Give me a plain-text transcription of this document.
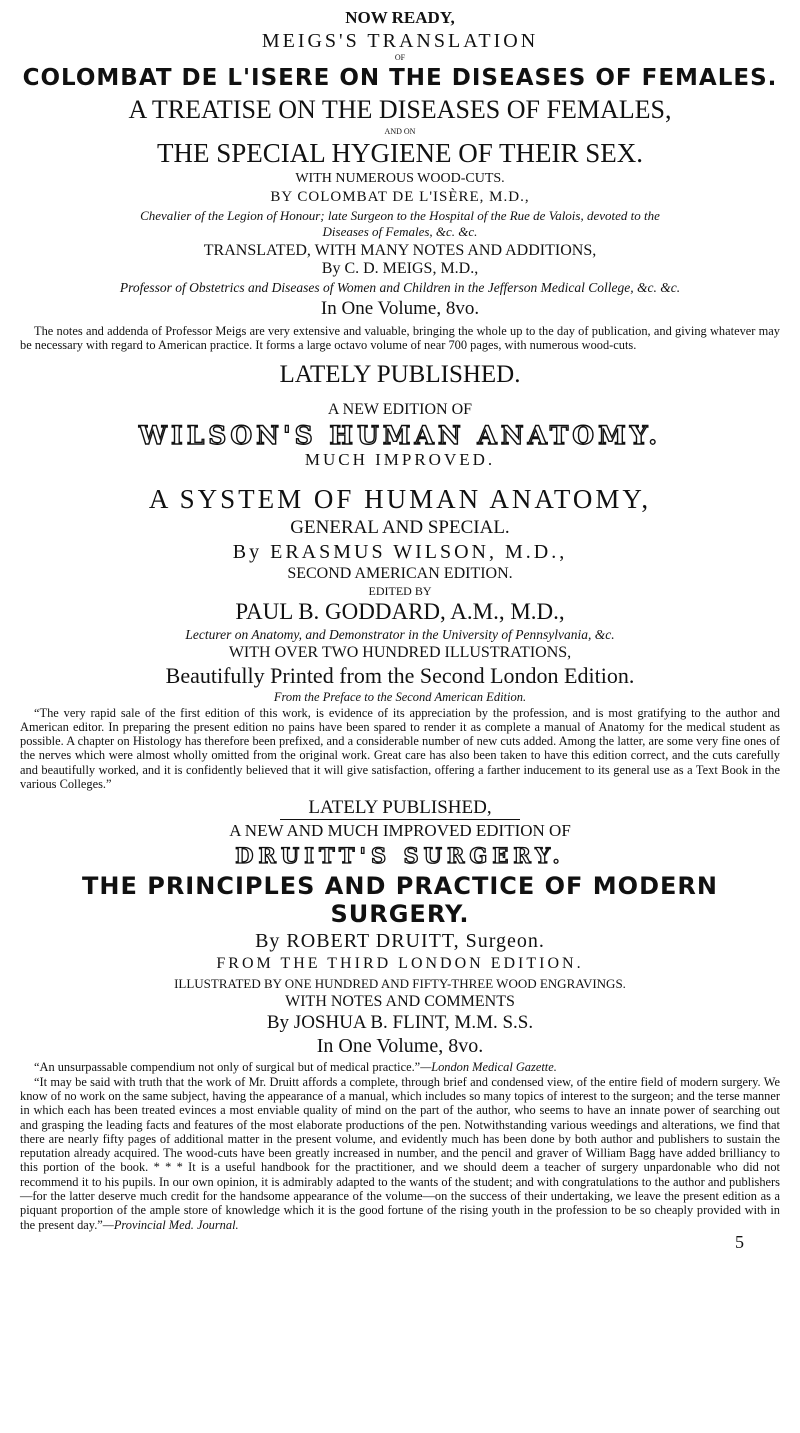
NOW READY,

MEIGS'S TRANSLATION

OF

COLOMBAT DE L'ISERE ON THE DISEASES OF FEMALES.

A TREATISE ON THE DISEASES OF FEMALES,

AND ON

THE SPECIAL HYGIENE OF THEIR SEX.

WITH NUMEROUS WOOD-CUTS.

BY COLOMBAT DE L'ISÈRE, M.D.,

Chevalier of the Legion of Honour; late Surgeon to the Hospital of the Rue de Valois, devoted to the

Diseases of Females, &c. &c.

TRANSLATED, WITH MANY NOTES AND ADDITIONS,

By C. D. MEIGS, M.D.,

Professor of Obstetrics and Diseases of Women and Children in the Jefferson Medical College, &c. &c.

In One Volume, 8vo.

The notes and addenda of Professor Meigs are very extensive and valuable, bringing the whole up to the day of publication, and giving whatever may be necessary with regard to American practice. It forms a large octavo volume of near 700 pages, with numerous wood-cuts.

LATELY PUBLISHED.

A NEW EDITION OF

WILSON'S HUMAN ANATOMY.

MUCH IMPROVED.

A SYSTEM OF HUMAN ANATOMY,

GENERAL AND SPECIAL.

By ERASMUS WILSON, M.D.,

SECOND AMERICAN EDITION.

EDITED BY

PAUL B. GODDARD, A.M., M.D.,

Lecturer on Anatomy, and Demonstrator in the University of Pennsylvania, &c.

WITH OVER TWO HUNDRED ILLUSTRATIONS,

Beautifully Printed from the Second London Edition.

From the Preface to the Second American Edition.

“The very rapid sale of the first edition of this work, is evidence of its appreciation by the profession, and is most gratifying to the author and American editor. In preparing the present edition no pains have been spared to render it as complete a manual of Anatomy for the medical student as possible. A chapter on Histology has therefore been prefixed, and a considerable number of new cuts added. Among the latter, are some very fine ones of the nerves which were almost wholly omitted from the original work. Great care has also been taken to have this edition correct, and the cuts carefully and beautifully worked, and it is confidently believed that it will give satisfaction, offering a farther inducement to its general use as a Text Book in the various Colleges.”

LATELY PUBLISHED,

A NEW AND MUCH IMPROVED EDITION OF

DRUITT'S SURGERY.

THE PRINCIPLES AND PRACTICE OF MODERN SURGERY.

By ROBERT DRUITT, Surgeon.

FROM THE THIRD LONDON EDITION.

ILLUSTRATED BY ONE HUNDRED AND FIFTY-THREE WOOD ENGRAVINGS.

WITH NOTES AND COMMENTS

By JOSHUA B. FLINT, M.M. S.S.

In One Volume, 8vo.

“An unsurpassable compendium not only of surgical but of medical practice.”—London Medical Gazette.

“It may be said with truth that the work of Mr. Druitt affords a complete, through brief and condensed view, of the entire field of modern surgery. We know of no work on the same subject, having the appearance of a manual, which includes so many topics of interest to the surgeon; and the terse manner in which each has been treated evinces a most enviable quality of mind on the part of the author, who seems to have an innate power of searching out and grasping the leading facts and features of the most elaborate productions of the pen. Notwithstanding various weedings and alterations, we find that there are nearly fifty pages of additional matter in the present volume, and evidently much has been done by both author and publishers to sustain the reputation already acquired. The wood-cuts have been greatly increased in number, and the pencil and graver of William Bagg have added brilliancy to this portion of the book. * * * It is a useful handbook for the practitioner, and we should deem a teacher of surgery unpardonable who did not recommend it to his pupils. In our own opinion, it is admirably adapted to the wants of the student; and with congratulations to the author and publishers—for the latter deserve much credit for the handsome appearance of the volume—on the success of their undertaking, we leave the present edition as a piquant proportion of the ample store of knowledge which it is the good fortune of the rising youth in the profession to be so cheaply provided with in the present day.”—Provincial Med. Journal.

5
